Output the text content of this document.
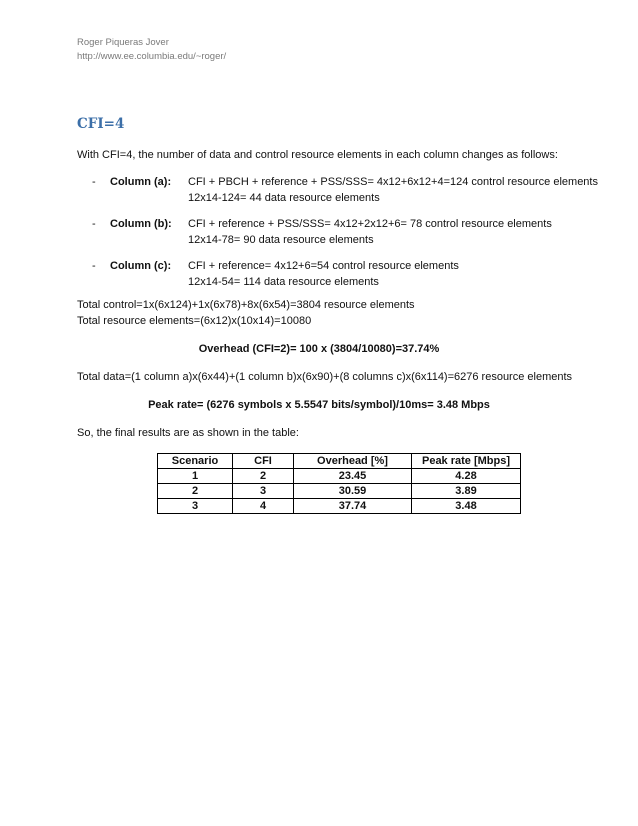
Roger Piqueras Jover
http://www.ee.columbia.edu/~roger/
CFI=4
With CFI=4, the number of data and control resource elements in each column changes as follows:
- Column (a): CFI + PBCH + reference + PSS/SSS= 4x12+6x12+4=124 control resource elements
12x14-124= 44 data resource elements
- Column (b): CFI + reference + PSS/SSS= 4x12+2x12+6= 78 control resource elements
12x14-78= 90 data resource elements
- Column (c): CFI + reference= 4x12+6=54 control resource elements
12x14-54= 114 data resource elements
Total control=1x(6x124)+1x(6x78)+8x(6x54)=3804 resource elements
Total resource elements=(6x12)x(10x14)=10080
Overhead (CFI=2)= 100 x (3804/10080)=37.74%
Total data=(1 column a)x(6x44)+(1 column b)x(6x90)+(8 columns c)x(6x114)=6276 resource elements
Peak rate= (6276 symbols x 5.5547 bits/symbol)/10ms= 3.48 Mbps
So, the final results are as shown in the table:
Scenario	CFI	Overhead [%]	Peak rate [Mbps]
1	2	23.45	4.28
2	3	30.59	3.89
3	4	37.74	3.48
